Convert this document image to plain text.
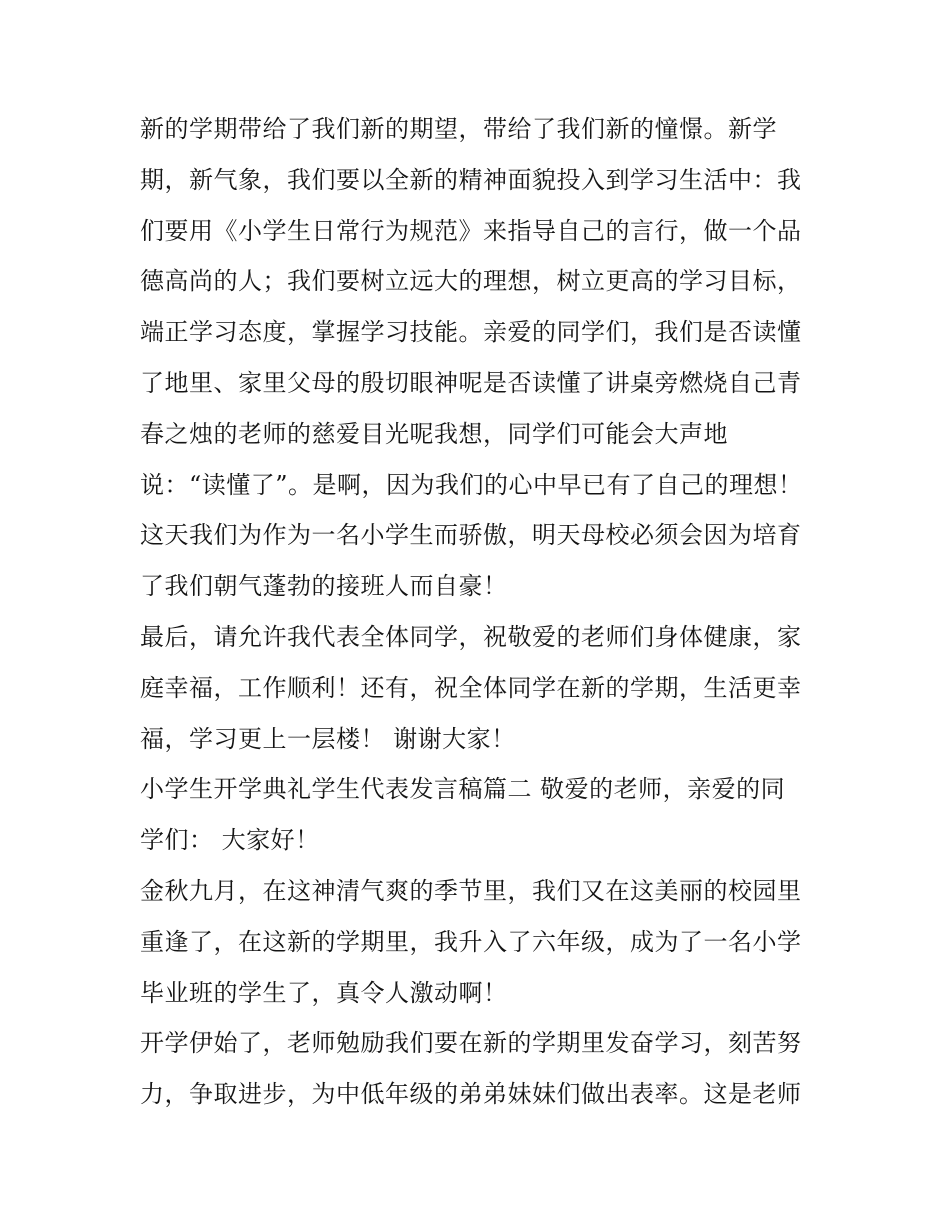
新的学期带给了我们新的期望，带给了我们新的憧憬。新学
期，新气象，我们要以全新的精神面貌投入到学习生活中：我
们要用《小学生日常行为规范》来指导自己的言行，做一个品
德高尚的人；我们要树立远大的理想，树立更高的学习目标，
端正学习态度，掌握学习技能。亲爱的同学们，我们是否读懂
了地里、家里父母的殷切眼神呢是否读懂了讲桌旁燃烧自己青
春之烛的老师的慈爱目光呢我想，同学们可能会大声地
说：“读懂了”。是啊，因为我们的心中早已有了自己的理想！
这天我们为作为一名小学生而骄傲，明天母校必须会因为培育
了我们朝气蓬勃的接班人而自豪！
最后，请允许我代表全体同学，祝敬爱的老师们身体健康，家
庭幸福，工作顺利！还有，祝全体同学在新的学期，生活更幸
福，学习更上一层楼！ 谢谢大家！
小学生开学典礼学生代表发言稿篇二 敬爱的老师，亲爱的同
学们： 大家好！
金秋九月，在这神清气爽的季节里，我们又在这美丽的校园里
重逢了，在这新的学期里，我升入了六年级，成为了一名小学
毕业班的学生了，真令人激动啊！
开学伊始了，老师勉励我们要在新的学期里发奋学习，刻苦努
力，争取进步，为中低年级的弟弟妹妹们做出表率。这是老师
